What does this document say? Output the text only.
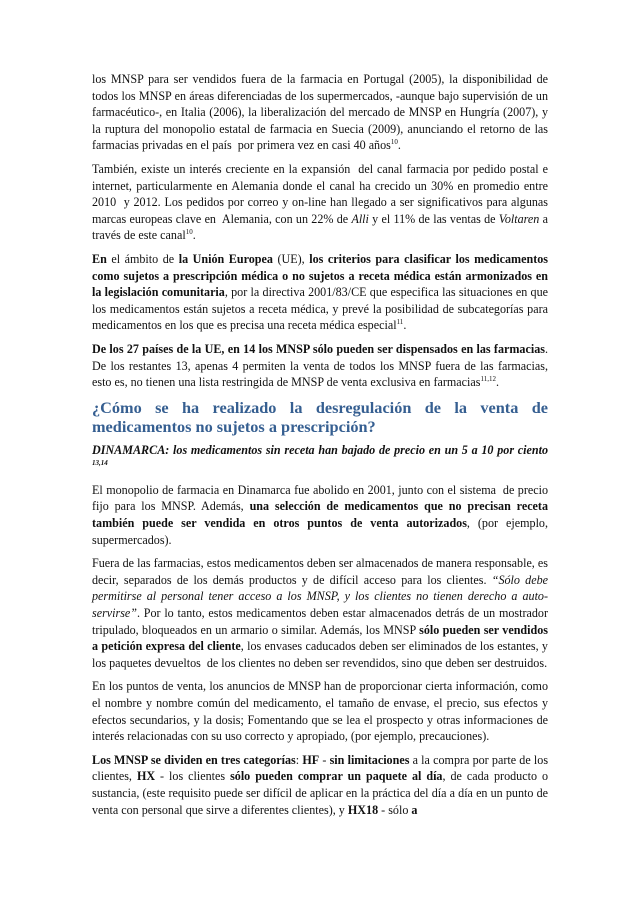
los MNSP para ser vendidos fuera de la farmacia en Portugal (2005), la disponibilidad de todos los MNSP en áreas diferenciadas de los supermercados, -aunque bajo supervisión de un farmacéutico-, en Italia (2006), la liberalización del mercado de MNSP en Hungría (2007), y la ruptura del monopolio estatal de farmacia en Suecia (2009), anunciando el retorno de las farmacias privadas en el país  por primera vez en casi 40 años$^{10}$.

También, existe un interés creciente en la expansión  del canal farmacia por pedido postal e internet, particularmente en Alemania donde el canal ha crecido un 30% en promedio entre 2010  y 2012. Los pedidos por correo y on-line han llegado a ser significativos para algunas marcas europeas clave en  Alemania, con un 22% de Alli y el 11% de las ventas de Voltaren a través de este canal$^{10}$.

En el ámbito de la Unión Europea (UE), los criterios para clasificar los medicamentos como sujetos a prescripción médica o no sujetos a receta médica están armonizados en la legislación comunitaria, por la directiva 2001/83/CE que especifica las situaciones en que los medicamentos están sujetos a receta médica, y prevé la posibilidad de subcategorías para medicamentos en los que es precisa una receta médica especial$^{11}$.

De los 27 países de la UE, en 14 los MNSP sólo pueden ser dispensados en las farmacias. De los restantes 13, apenas 4 permiten la venta de todos los MNSP fuera de las farmacias, esto es, no tienen una lista restringida de MNSP de venta exclusiva en farmacias$^{11,12}$.

¿Cómo se ha realizado la desregulación de la venta de medicamentos no sujetos a prescripción?

DINAMARCA: los medicamentos sin receta han bajado de precio en un 5 a 10 por ciento $^{13,14}$

El monopolio de farmacia en Dinamarca fue abolido en 2001, junto con el sistema  de precio fijo para los MNSP. Además, una selección de medicamentos que no precisan receta también puede ser vendida en otros puntos de venta autorizados, (por ejemplo, supermercados).

Fuera de las farmacias, estos medicamentos deben ser almacenados de manera responsable, es decir, separados de los demás productos y de difícil acceso para los clientes. “Sólo debe permitirse al personal tener acceso a los MNSP, y los clientes no tienen derecho a auto-servirse”. Por lo tanto, estos medicamentos deben estar almacenados detrás de un mostrador tripulado, bloqueados en un armario o similar. Además, los MNSP sólo pueden ser vendidos a petición expresa del cliente, los envases caducados deben ser eliminados de los estantes, y los paquetes devueltos  de los clientes no deben ser revendidos, sino que deben ser destruidos.

En los puntos de venta, los anuncios de MNSP han de proporcionar cierta información, como el nombre y nombre común del medicamento, el tamaño de envase, el precio, sus efectos y efectos secundarios, y la dosis; Fomentando que se lea el prospecto y otras informaciones de interés relacionadas con su uso correcto y apropiado, (por ejemplo, precauciones).

Los MNSP se dividen en tres categorías: HF - sin limitaciones a la compra por parte de los clientes, HX - los clientes sólo pueden comprar un paquete al día, de cada producto o sustancia, (este requisito puede ser difícil de aplicar en la práctica del día a día en un punto de venta con personal que sirve a diferentes clientes), y HX18 - sólo a
